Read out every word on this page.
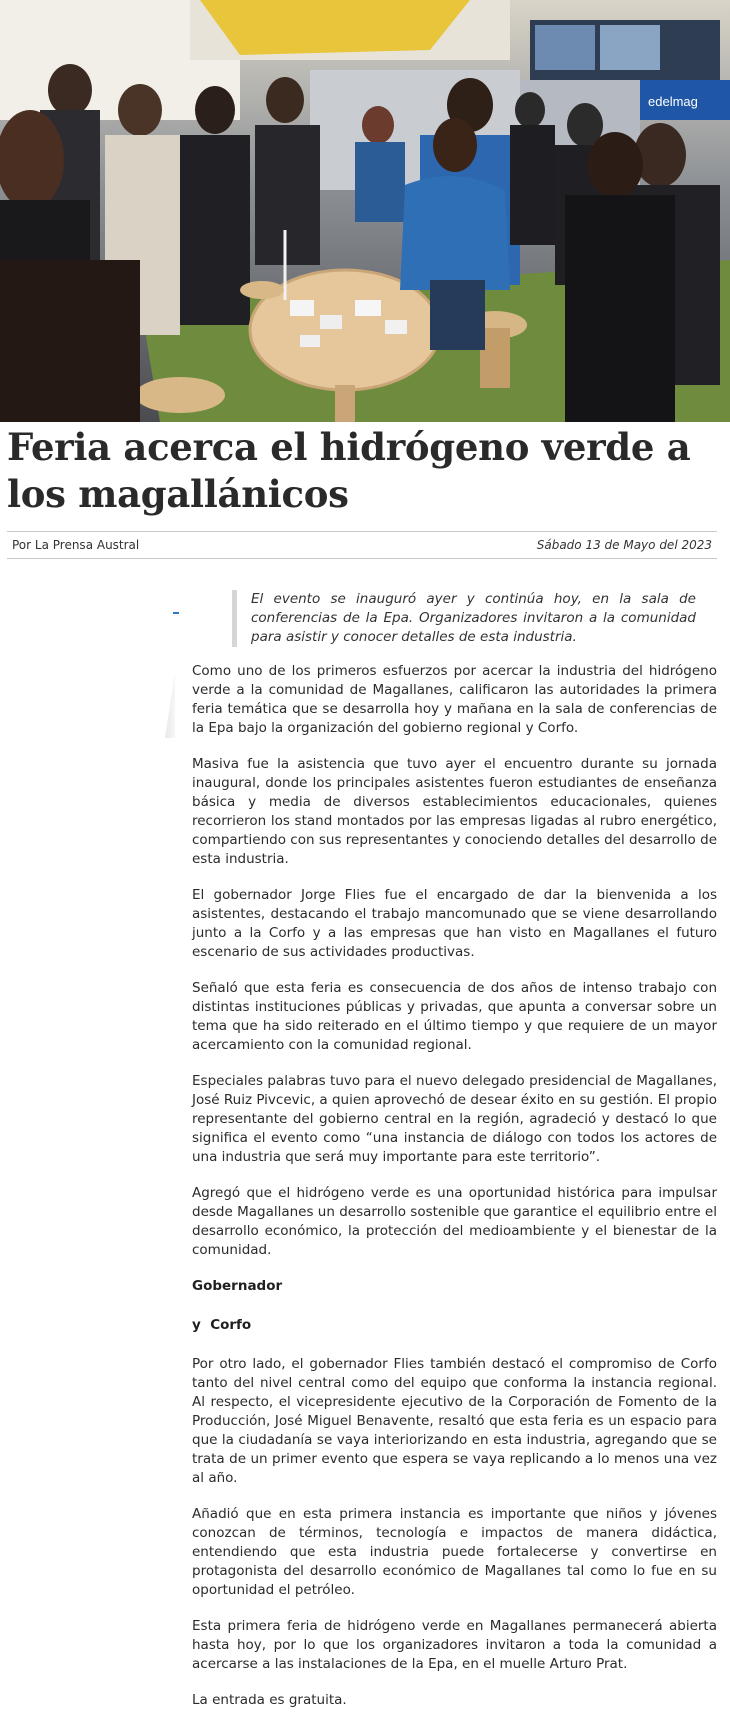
edelmag
Feria acerca el hidrógeno verde a los magallánicos
Por La Prensa Austral	Sábado 13 de Mayo del 2023
El evento se inauguró ayer y continúa hoy, en la sala de conferencias de la Epa. Organizadores invitaron a la comunidad para asistir y conocer detalles de esta industria.

Como uno de los primeros esfuerzos por acercar la industria del hidrógeno verde a la comunidad de Magallanes, calificaron las autoridades la primera feria temática que se desarrolla hoy y mañana en la sala de conferencias de la Epa bajo la organización del gobierno regional y Corfo.

Masiva fue la asistencia que tuvo ayer el encuentro durante su jornada inaugural, donde los principales asistentes fueron estudiantes de enseñanza básica y media de diversos establecimientos educacionales, quienes recorrieron los stand montados por las empresas ligadas al rubro energético, compartiendo con sus representantes y conociendo detalles del desarrollo de esta industria.

El gobernador Jorge Flies fue el encargado de dar la bienvenida a los asistentes, destacando el trabajo mancomunado que se viene desarrollando junto a la Corfo y a las empresas que han visto en Magallanes el futuro escenario de sus actividades productivas.

Señaló que esta feria es consecuencia de dos años de intenso trabajo con distintas instituciones públicas y privadas, que apunta a conversar sobre un tema que ha sido reiterado en el último tiempo y que requiere de un mayor acercamiento con la comunidad regional.

Especiales palabras tuvo para el nuevo delegado presidencial de Magallanes, José Ruiz Pivcevic, a quien aprovechó de desear éxito en su gestión. El propio representante del gobierno central en la región, agradeció y destacó lo que significa el evento como “una instancia de diálogo con todos los actores de una industria que será muy importante para este territorio”.

Agregó que el hidrógeno verde es una oportunidad histórica para impulsar desde Magallanes un desarrollo sostenible que garantice el equilibrio entre el desarrollo económico, la protección del medioambiente y el bienestar de la comunidad.

Gobernador
y  Corfo

Por otro lado, el gobernador Flies también destacó el compromiso de Corfo tanto del nivel central como del equipo que conforma la instancia regional. Al respecto, el vicepresidente ejecutivo de la Corporación de Fomento de la Producción, José Miguel Benavente, resaltó que esta feria es un espacio para que la ciudadanía se vaya interiorizando en esta industria, agregando que se trata de un primer evento que espera se vaya replicando a lo menos una vez al año.

Añadió que en esta primera instancia es importante que niños y jóvenes conozcan de términos, tecnología e impactos de manera didáctica, entendiendo que esta industria puede fortalecerse y convertirse en protagonista del desarrollo económico de Magallanes tal como lo fue en su oportunidad el petróleo.

Esta primera feria de hidrógeno verde en Magallanes permanecerá abierta hasta hoy, por lo que los organizadores invitaron a toda la comunidad a acercarse a las instalaciones de la Epa, en el muelle Arturo Prat.

La entrada es gratuita.
